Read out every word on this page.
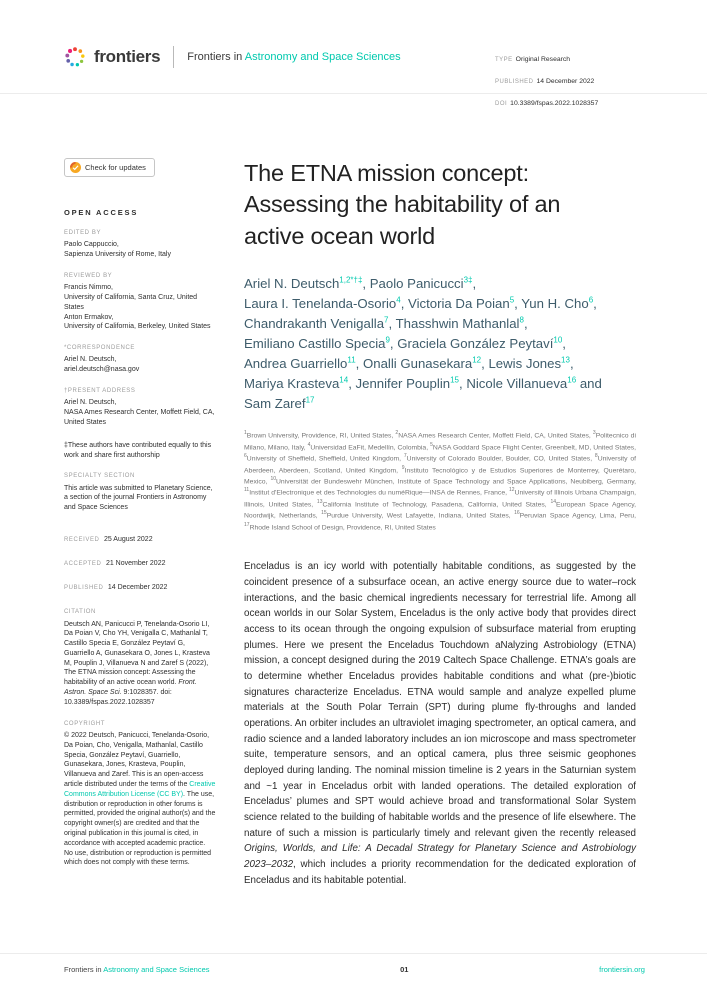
frontiers Frontiers in Astronomy and Space Sciences	TYPE Original Research
PUBLISHED 14 December 2022
DOI 10.3389/fspas.2022.1028357
Check for updates
OPEN ACCESS
EDITED BY
Paolo Cappuccio,
Sapienza University of Rome, Italy
REVIEWED BY
Francis Nimmo,
University of California, Santa Cruz, United States
Anton Ermakov,
University of California, Berkeley, United States
*CORRESPONDENCE
Ariel N. Deutsch,
ariel.deutsch@nasa.gov
†PRESENT ADDRESS
Ariel N. Deutsch,
NASA Ames Research Center, Moffett Field, CA, United States
‡These authors have contributed equally to this work and share first authorship
SPECIALTY SECTION
This article was submitted to Planetary Science, a section of the journal Frontiers in Astronomy and Space Sciences
RECEIVED 25 August 2022
ACCEPTED 21 November 2022
PUBLISHED 14 December 2022
CITATION
Deutsch AN, Panicucci P, Tenelanda-Osorio LI, Da Poian V, Cho YH, Venigalla C, Mathanlal T, Castillo Specia E, González Peytaví G, Guarriello A, Gunasekara O, Jones L, Krasteva M, Pouplin J, Villanueva N and Zaref S (2022), The ETNA mission concept: Assessing the habitability of an active ocean world. Front. Astron. Space Sci. 9:1028357. doi: 10.3389/fspas.2022.1028357
COPYRIGHT
© 2022 Deutsch, Panicucci, Tenelanda-Osorio, Da Poian, Cho, Venigalla, Mathanlal, Castillo Specia, González Peytaví, Guarriello, Gunasekara, Jones, Krasteva, Pouplin, Villanueva and Zaref. This is an open-access article distributed under the terms of the Creative Commons Attribution License (CC BY). The use, distribution or reproduction in other forums is permitted, provided the original author(s) and the copyright owner(s) are credited and that the original publication in this journal is cited, in accordance with accepted academic practice. No use, distribution or reproduction is permitted which does not comply with these terms.
The ETNA mission concept: Assessing the habitability of an active ocean world

Ariel N. Deutsch$^{1,2*\dagger\ddagger}$, Paolo Panicucci$^{3\ddagger}$, Laura I. Tenelanda-Osorio$^4$, Victoria Da Poian$^5$, Yun H. Cho$^6$, Chandrakanth Venigalla$^7$, Thasshwin Mathanlal$^8$, Emiliano Castillo Specia$^9$, Graciela González Peytaví$^{10}$, Andrea Guarriello$^{11}$, Onalli Gunasekara$^{12}$, Lewis Jones$^{13}$, Mariya Krasteva$^{14}$, Jennifer Pouplin$^{15}$, Nicole Villanueva$^{16}$ and Sam Zaref$^{17}$

$^1$Brown University, Providence, RI, United States, $^2$NASA Ames Research Center, Moffett Field, CA, United States, $^3$Politecnico di Milano, Milano, Italy, $^4$Universidad EaFit, Medellín, Colombia, $^5$NASA Goddard Space Flight Center, Greenbelt, MD, United States, $^6$University of Sheffield, Sheffield, United Kingdom, $^7$University of Colorado Boulder, Boulder, CO, United States, $^8$University of Aberdeen, Aberdeen, Scotland, United Kingdom, $^9$Instituto Tecnológico y de Estudios Superiores de Monterrey, Querétaro, Mexico, $^{10}$Universität der Bundeswehr München, Institute of Space Technology and Space Applications, Neubiberg, Germany, $^{11}$Institut d'Electronique et des Technologies du numéRique—INSA de Rennes, France, $^{12}$University of Illinois Urbana Champaign, Illinois, United States, $^{13}$California Institute of Technology, Pasadena, California, United States, $^{14}$European Space Agency, Noordwijk, Netherlands, $^{15}$Purdue University, West Lafayette, Indiana, United States, $^{16}$Peruvian Space Agency, Lima, Peru, $^{17}$Rhode Island School of Design, Providence, RI, United States

Enceladus is an icy world with potentially habitable conditions, as suggested by the coincident presence of a subsurface ocean, an active energy source due to water–rock interactions, and the basic chemical ingredients necessary for terrestrial life. Among all ocean worlds in our Solar System, Enceladus is the only active body that provides direct access to its ocean through the ongoing expulsion of subsurface material from erupting plumes. Here we present the Enceladus Touchdown aNalyzing Astrobiology (ETNA) mission, a concept designed during the 2019 Caltech Space Challenge. ETNA’s goals are to determine whether Enceladus provides habitable conditions and what (pre-)biotic signatures characterize Enceladus. ETNA would sample and analyze expelled plume materials at the South Polar Terrain (SPT) during plume fly-throughs and landed operations. An orbiter includes an ultraviolet imaging spectrometer, an optical camera, and radio science and a landed laboratory includes an ion microscope and mass spectrometer suite, temperature sensors, and an optical camera, plus three seismic geophones deployed during landing. The nominal mission timeline is 2 years in the Saturnian system and ~1 year in Enceladus orbit with landed operations. The detailed exploration of Enceladus’ plumes and SPT would achieve broad and transformational Solar System science related to the building of habitable worlds and the presence of life elsewhere. The nature of such a mission is particularly timely and relevant given the recently released Origins, Worlds, and Life: A Decadal Strategy for Planetary Science and Astrobiology 2023–2032, which includes a priority recommendation for the dedicated exploration of Enceladus and its habitable potential.

Frontiers in Astronomy and Space Sciences	01	frontiersin.org
